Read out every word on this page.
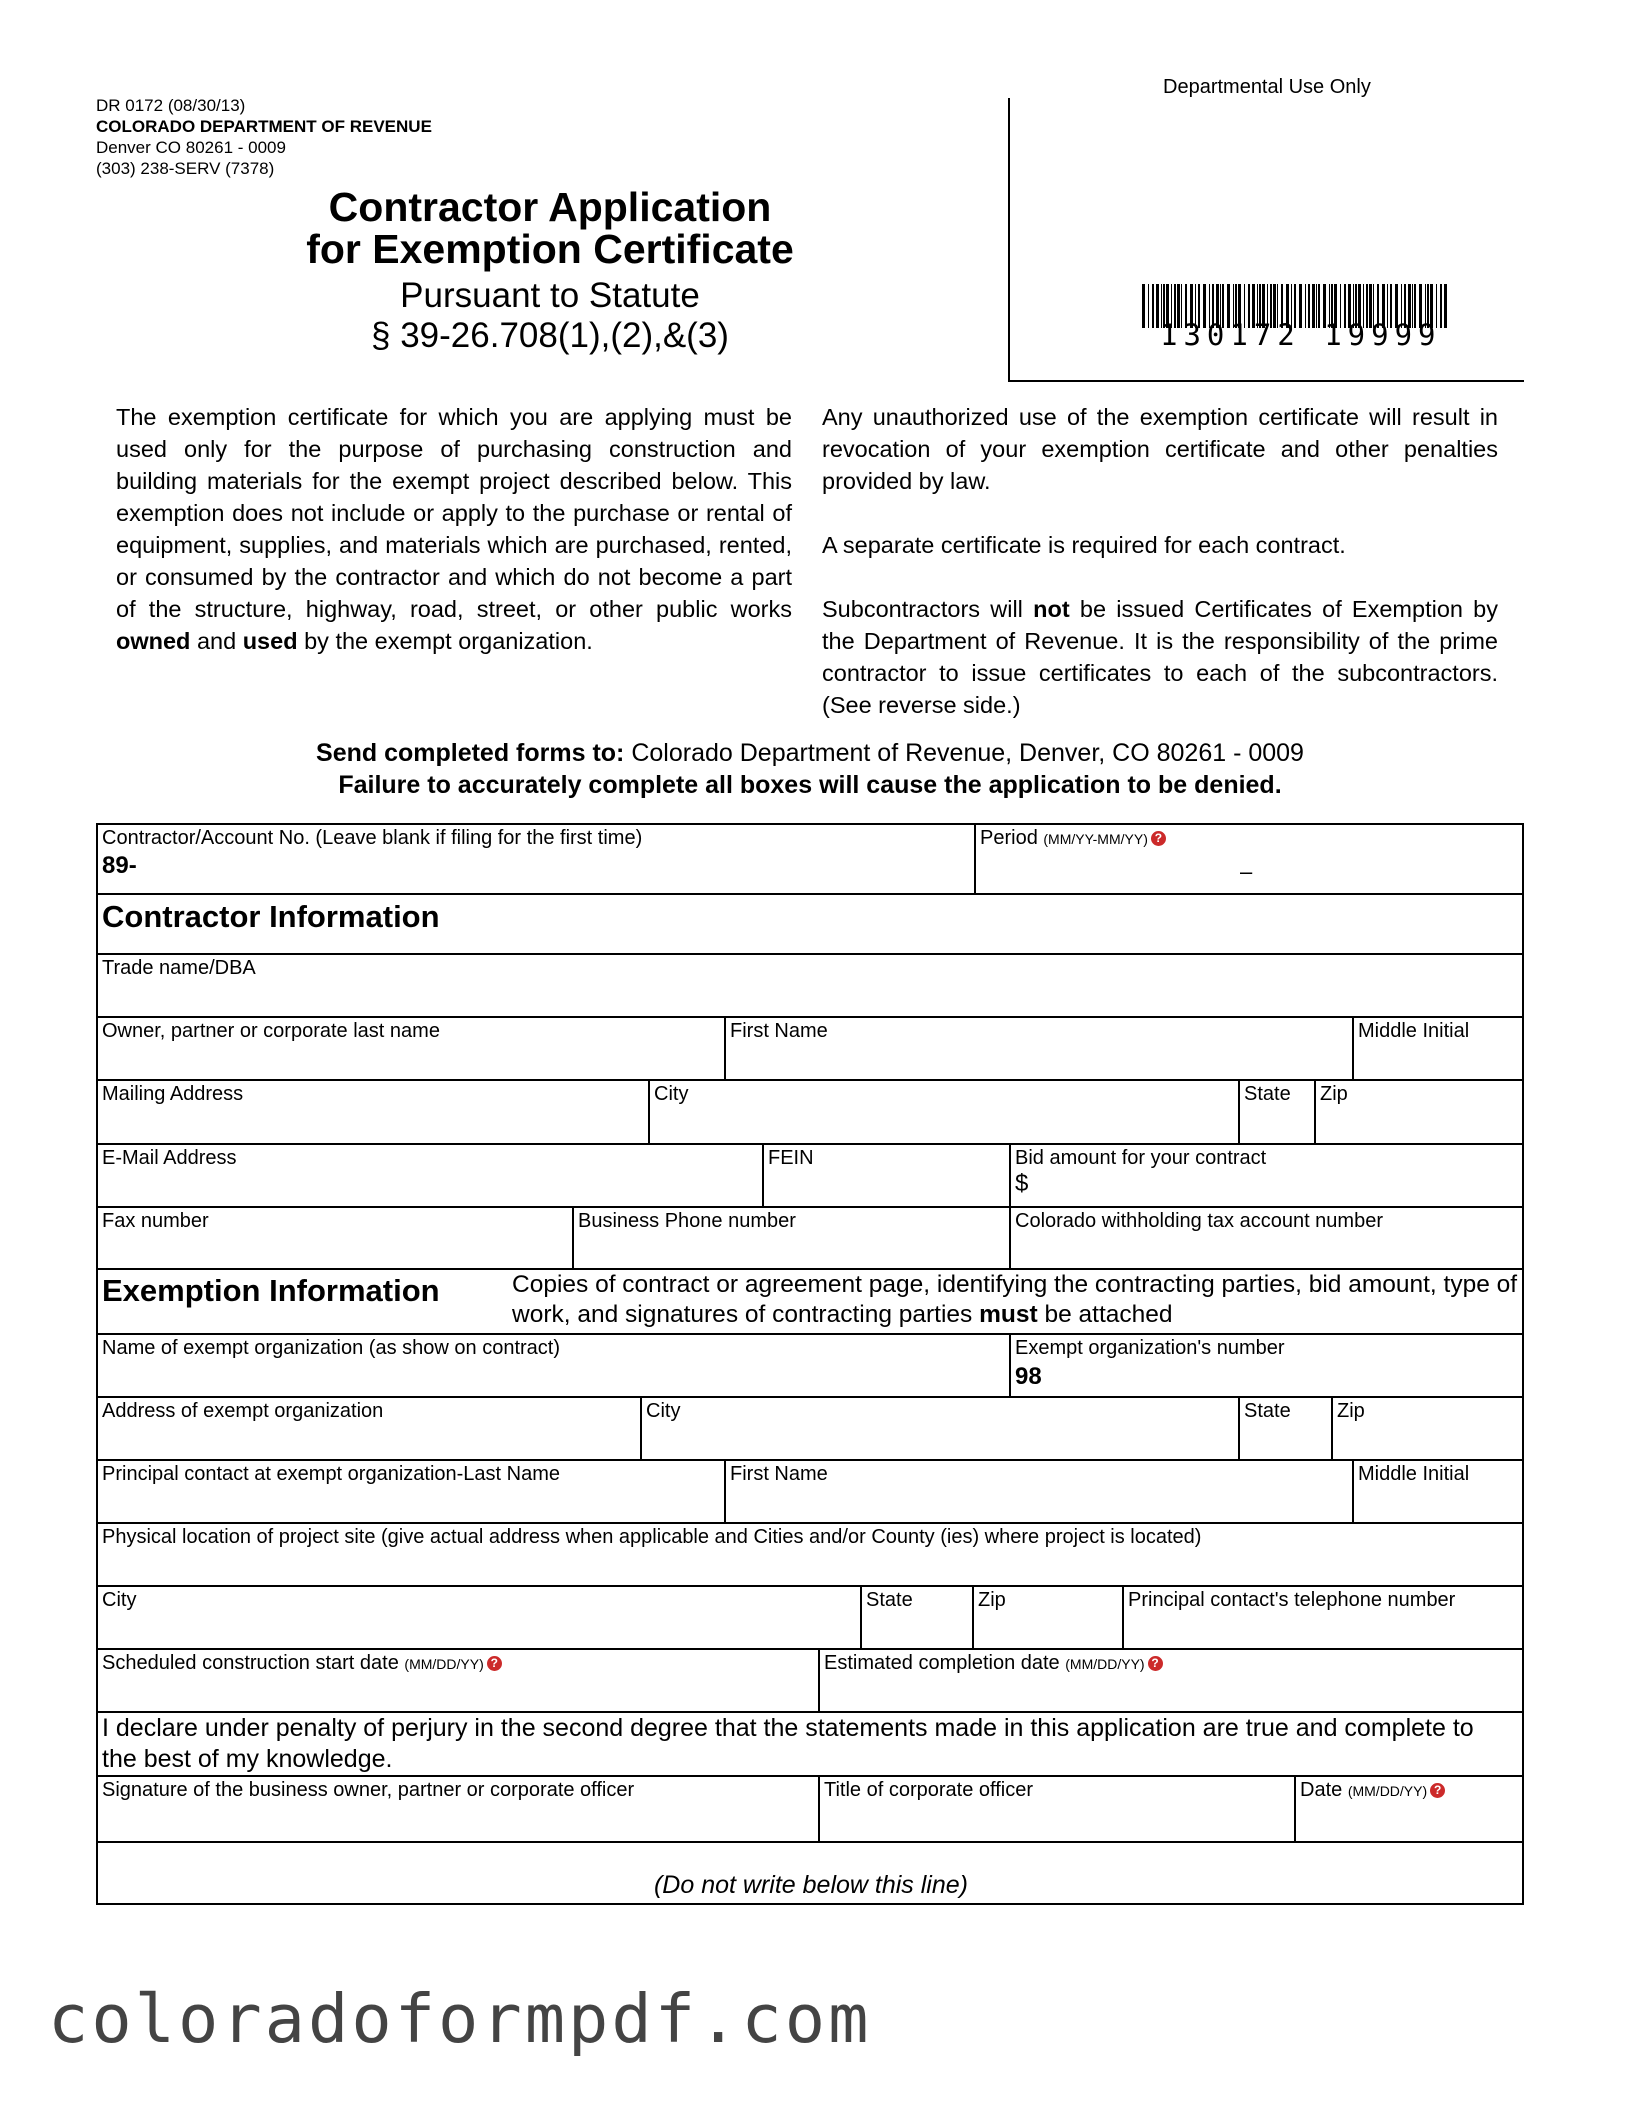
DR 0172 (08/30/13)
COLORADO DEPARTMENT OF REVENUE
Denver CO 80261 - 0009
(303) 238-SERV (7378)
Departmental Use Only
130172 19999
Contractor Application
for Exemption Certificate
Pursuant to Statute
§ 39-26.708(1),(2),&(3)

The exemption certificate for which you are applying must be used only for the purpose of purchasing construction and building materials for the exempt project described below. This exemption does not include or apply to the purchase or rental of equipment, supplies, and materials which are purchased, rented, or consumed by the contractor and which do not become a part of the structure, highway, road, street, or other public works owned and used by the exempt organization.

Any unauthorized use of the exemption certificate will result in revocation of your exemption certificate and other penalties provided by law.

A separate certificate is required for each contract.

Subcontractors will not be issued Certificates of Exemption by the Department of Revenue. It is the responsibility of the prime contractor to issue certificates to each of the subcontractors. (See reverse side.)

Send completed forms to: Colorado Department of Revenue, Denver, CO 80261 - 0009
Failure to accurately complete all boxes will cause the application to be denied.
Contractor/Account No. (Leave blank if filing for the first time)
89-
Period (MM/YY-MM/YY) ?
–
Contractor Information
Trade name/DBA
Owner, partner or corporate last name	First Name	Middle Initial
Mailing Address	City	State Zip
E-Mail Address	FEIN	Bid amount for your contract
$
Fax number	Business Phone number	Colorado withholding tax account number
Exemption Information	Copies of contract or agreement page, identifying the contracting parties, bid amount, type of work, and signatures of contracting parties must be attached
Name of exempt organization (as show on contract)	Exempt organization's number
98
Address of exempt organization	City	State Zip
Principal contact at exempt organization-Last Name	First Name	Middle Initial
Physical location of project site (give actual address when applicable and Cities and/or County (ies) where project is located)
City	State	Zip	Principal contact's telephone number
Scheduled construction start date (MM/DD/YY) ?	Estimated completion date (MM/DD/YY) ?
I declare under penalty of perjury in the second degree that the statements made in this application are true and complete to the best of my knowledge.
Signature of the business owner, partner or corporate officer	Title of corporate officer	Date (MM/DD/YY) ?
(Do not write below this line)
coloradoformpdf.com
